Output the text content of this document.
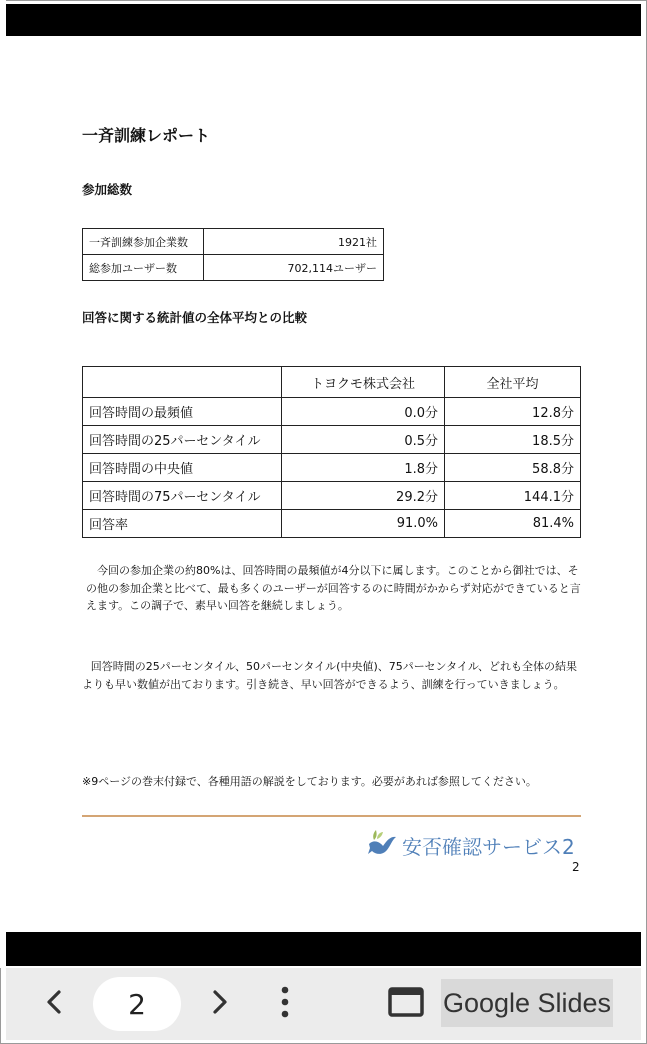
一斉訓練レポート
参加総数
一斉訓練参加企業数	1921社
総参加ユーザー数	702,114ユーザー
回答に関する統計値の全体平均との比較
	トヨクモ株式会社	全社平均
回答時間の最頻値	0.0分	12.8分
回答時間の25パーセンタイル	0.5分	18.5分
回答時間の中央値	1.8分	58.8分
回答時間の75パーセンタイル	29.2分	144.1分
回答率	91.0%	81.4%
今回の参加企業の約80%は、回答時間の最頻値が4分以下に属します。このことから御社では、その他の参加企業と比べて、最も多くのユーザーが回答するのに時間がかからず対応ができていると言えます。この調子で、素早い回答を継続しましょう。
回答時間の25パーセンタイル、50パーセンタイル(中央値)、75パーセンタイル、どれも全体の結果よりも早い数値が出ております。引き続き、早い回答ができるよう、訓練を行っていきましょう。
※9ページの巻末付録で、各種用語の解説をしております。必要があれば参照してください。
安否確認サービス2
2
2	Google Slides
